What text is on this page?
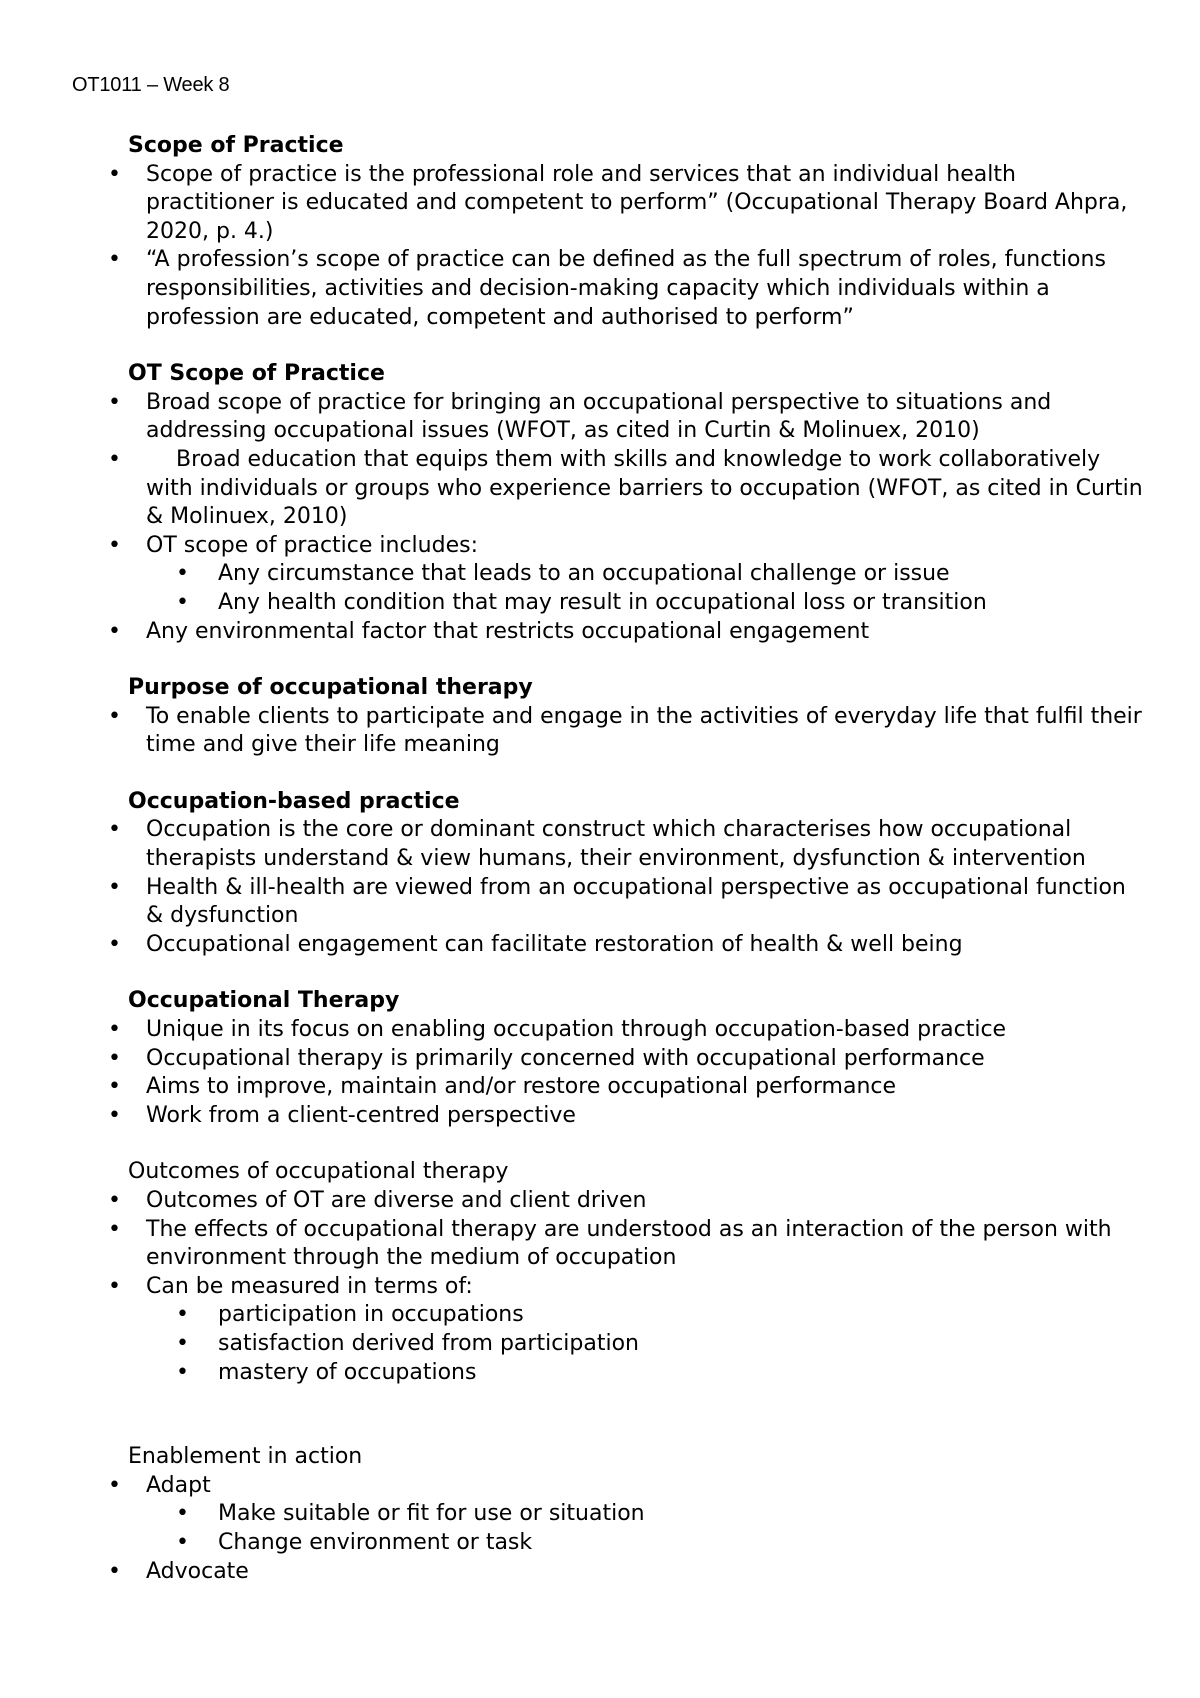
OT1011 – Week 8
Scope of Practice
• Scope of practice is the professional role and services that an individual health practitioner is educated and competent to perform” (Occupational Therapy Board Ahpra, 2020, p. 4.)
• “A profession’s scope of practice can be defined as the full spectrum of roles, functions responsibilities, activities and decision-making capacity which individuals within a profession are educated, competent and authorised to perform”
OT Scope of Practice
• Broad scope of practice for bringing an occupational perspective to situations and addressing occupational issues (WFOT, as cited in Curtin & Molinuex, 2010)
•	Broad education that equips them with skills and knowledge to work collaboratively with individuals or groups who experience barriers to occupation (WFOT, as cited in Curtin & Molinuex, 2010)
• OT scope of practice includes:
• Any circumstance that leads to an occupational challenge or issue
• Any health condition that may result in occupational loss or transition
• Any environmental factor that restricts occupational engagement
Purpose of occupational therapy
• To enable clients to participate and engage in the activities of everyday life that fulfil their time and give their life meaning
Occupation-based practice
• Occupation is the core or dominant construct which characterises how occupational therapists understand & view humans, their environment, dysfunction & intervention
• Health & ill-health are viewed from an occupational perspective as occupational function & dysfunction
• Occupational engagement can facilitate restoration of health & well being
Occupational Therapy
• Unique in its focus on enabling occupation through occupation-based practice
• Occupational therapy is primarily concerned with occupational performance
• Aims to improve, maintain and/or restore occupational performance
• Work from a client-centred perspective
Outcomes of occupational therapy
• Outcomes of OT are diverse and client driven
• The effects of occupational therapy are understood as an interaction of the person with environment through the medium of occupation
• Can be measured in terms of:
• participation in occupations
• satisfaction derived from participation
• mastery of occupations
Enablement in action
• Adapt
• Make suitable or fit for use or situation
• Change environment or task
• Advocate
